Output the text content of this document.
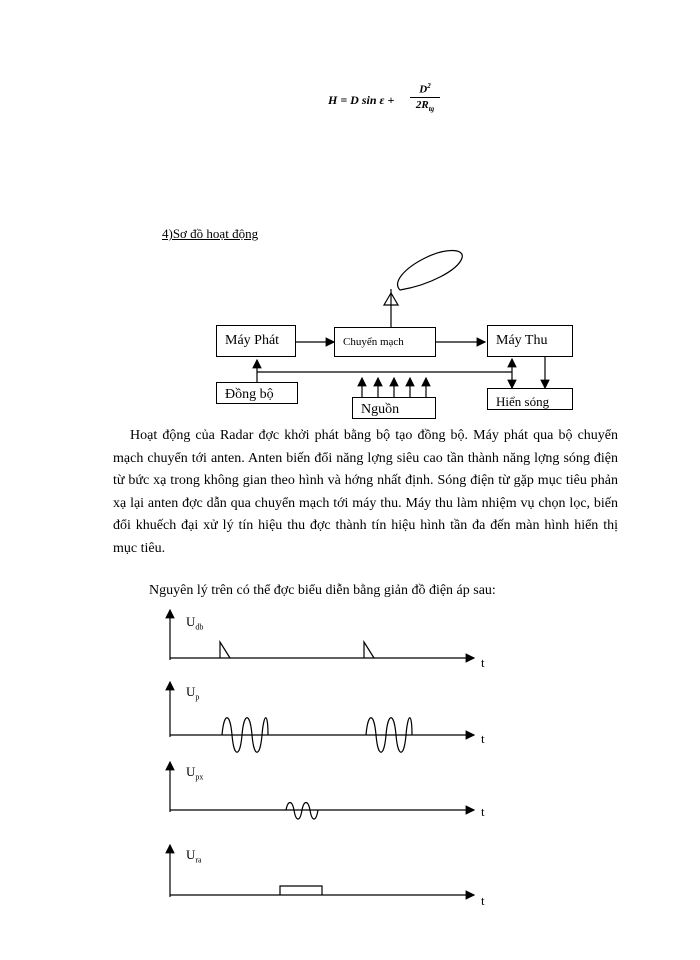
H = D sin ε +
$D^2$
$2R_{tg}$
4)Sơ đồ hoạt động
Máy Phát	Chuyển mạch	Máy Thu
Đồng bộ
Nguồn
Hiển sóng
Hoạt động của Radar đợc khởi phát bằng bộ tạo đồng bộ. Máy phát qua bộ chuyển mạch chuyển tới anten. Anten biến đổi năng lợng siêu cao tần thành năng lợng sóng điện từ bức xạ trong không gian theo hình và hớng nhất định. Sóng điện từ gặp mục tiêu phản xạ lại anten đợc dẫn qua chuyển mạch tới máy thu. Máy thu làm nhiệm vụ chọn lọc, biến đổi khuếch đại xử lý tín hiệu thu đợc thành tín hiệu hình tần đa đến màn hình hiển thị mục tiêu.
Nguyên lý trên có thể đợc biểu diễn bằng giản đồ điện áp sau:
$U_{db}$
t
$U_p$
t
$U_{px}$
t
$U_{ra}$
t
